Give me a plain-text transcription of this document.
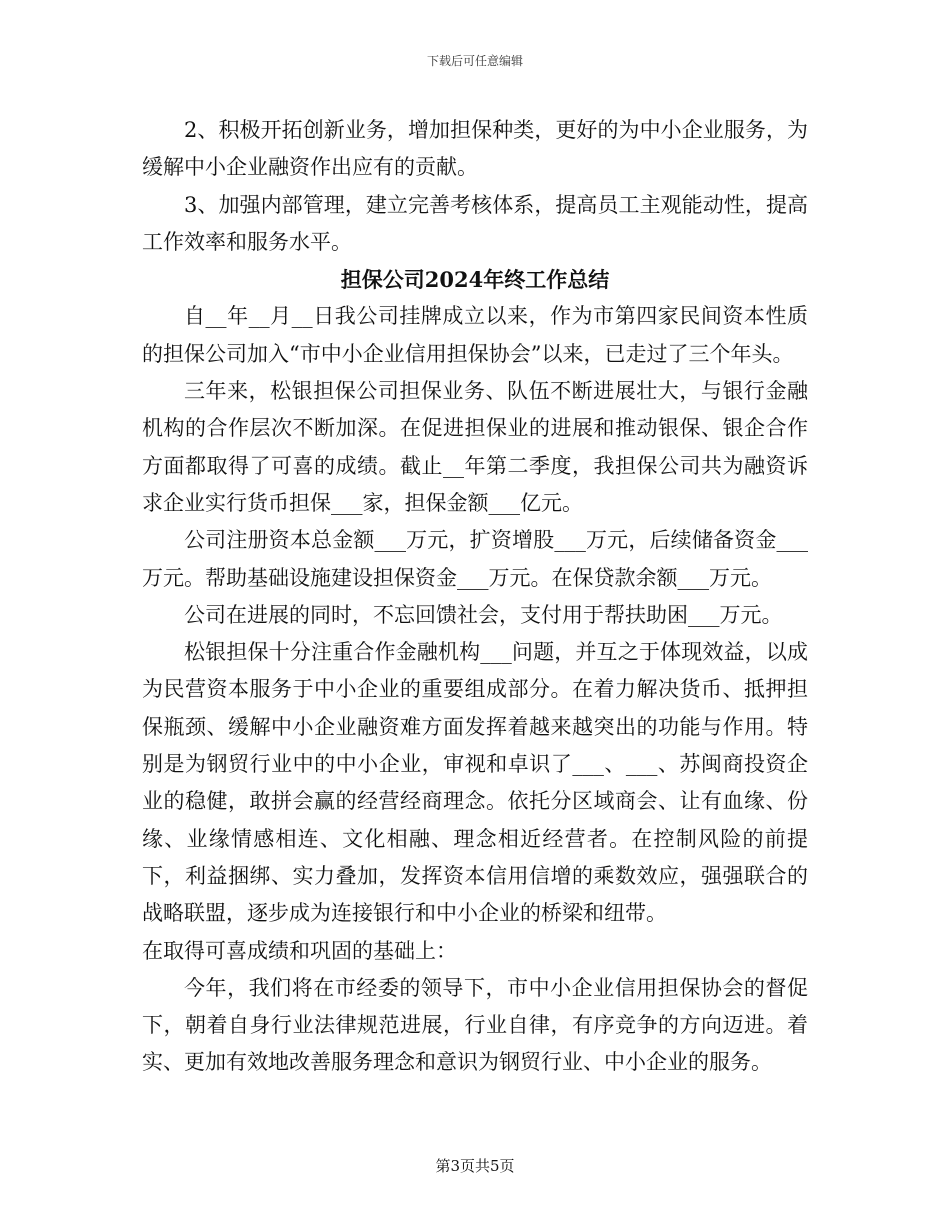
下载后可任意编辑

2、积极开拓创新业务，增加担保种类，更好的为中小企业服务，为缓解中小企业融资作出应有的贡献。

3、加强内部管理，建立完善考核体系，提高员工主观能动性，提高工作效率和服务水平。

担保公司2024年终工作总结

自__年__月__日我公司挂牌成立以来，作为市第四家民间资本性质的担保公司加入“市中小企业信用担保协会”以来，已走过了三个年头。

三年来，松银担保公司担保业务、队伍不断进展壮大，与银行金融机构的合作层次不断加深。在促进担保业的进展和推动银保、银企合作方面都取得了可喜的成绩。截止__年第二季度，我担保公司共为融资诉求企业实行货币担保___家，担保金额___亿元。

公司注册资本总金额___万元，扩资增股___万元，后续储备资金___万元。帮助基础设施建设担保资金___万元。在保贷款余额___万元。

公司在进展的同时，不忘回馈社会，支付用于帮扶助困___万元。

松银担保十分注重合作金融机构___问题，并互之于体现效益，以成为民营资本服务于中小企业的重要组成部分。在着力解决货币、抵押担保瓶颈、缓解中小企业融资难方面发挥着越来越突出的功能与作用。特别是为钢贸行业中的中小企业，审视和卓识了___、___、苏闽商投资企业的稳健，敢拼会赢的经营经商理念。依托分区域商会、让有血缘、份缘、业缘情感相连、文化相融、理念相近经营者。在控制风险的前提下，利益捆绑、实力叠加，发挥资本信用信增的乘数效应，强强联合的战略联盟，逐步成为连接银行和中小企业的桥梁和纽带。

在取得可喜成绩和巩固的基础上：

今年，我们将在市经委的领导下，市中小企业信用担保协会的督促下，朝着自身行业法律规范进展，行业自律，有序竞争的方向迈进。着实、更加有效地改善服务理念和意识为钢贸行业、中小企业的服务。

第3页共5页
